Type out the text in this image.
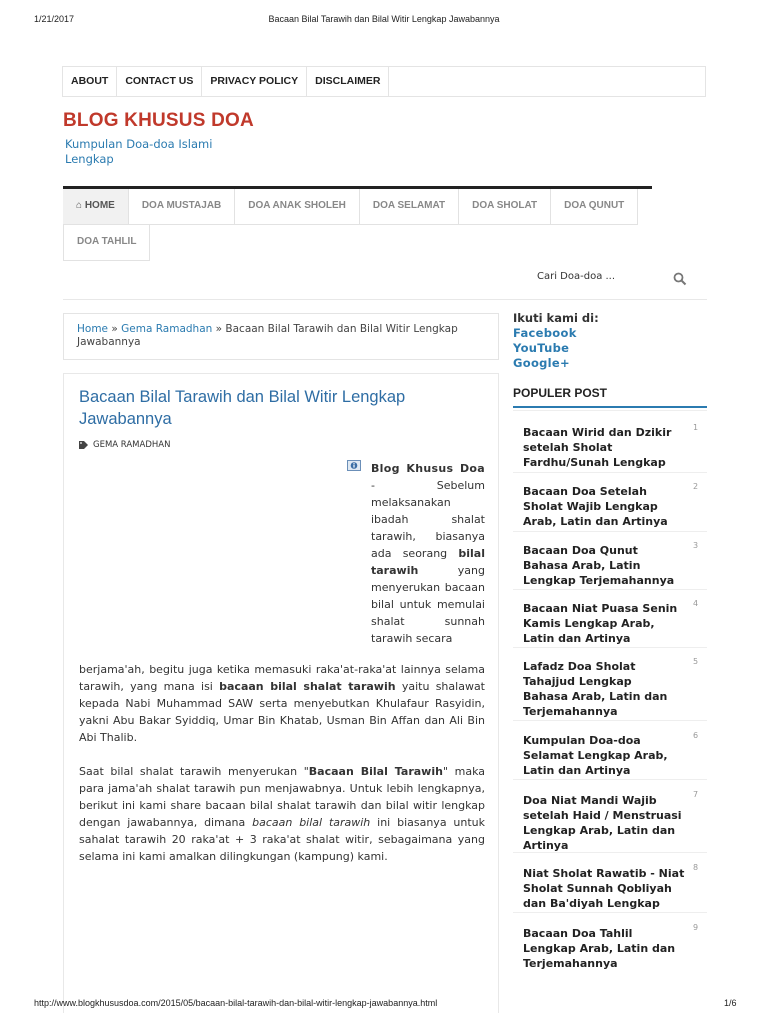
1/21/2017	Bacaan Bilal Tarawih dan Bilal Witir Lengkap Jawabannya
ABOUT	CONTACT US	PRIVACY POLICY	DISCLAIMER
BLOG KHUSUS DOA
Kumpulan Doa-doa Islami Lengkap
⌂ HOME	DOA MUSTAJAB	DOA ANAK SHOLEH	DOA SELAMAT	DOA SHOLAT	DOA QUNUT
DOA TAHLIL
Cari Doa-doa ...
Home » Gema Ramadhan » Bacaan Bilal Tarawih dan Bilal Witir Lengkap Jawabannya
Bacaan Bilal Tarawih dan Bilal Witir Lengkap Jawabannya
GEMA RAMADHAN
Blog Khusus Doa - Sebelum melaksanakan ibadah shalat tarawih, biasanya ada seorang bilal tarawih yang menyerukan bacaan bilal untuk memulai shalat sunnah tarawih secara
berjama'ah, begitu juga ketika memasuki raka'at-raka'at lainnya selama tarawih, yang mana isi bacaan bilal shalat tarawih yaitu shalawat kepada Nabi Muhammad SAW serta menyebutkan Khulafaur Rasyidin, yakni Abu Bakar Syiddiq, Umar Bin Khatab, Usman Bin Affan dan Ali Bin Abi Thalib.
Saat bilal shalat tarawih menyerukan "Bacaan Bilal Tarawih" maka para jama'ah shalat tarawih pun menjawabnya. Untuk lebih lengkapnya, berikut ini kami share bacaan bilal shalat tarawih dan bilal witir lengkap dengan jawabannya, dimana bacaan bilal tarawih ini biasanya untuk sahalat tarawih 20 raka'at + 3 raka'at shalat witir, sebagaimana yang selama ini kami amalkan dilingkungan (kampung) kami.
Ikuti kami di:
Facebook
YouTube
Google+
POPULER POST
Bacaan Wirid dan Dzikir
setelah Sholat
Fardhu/Sunah Lengkap
1
Bacaan Doa Setelah
Sholat Wajib Lengkap
Arab, Latin dan Artinya
2
Bacaan Doa Qunut
Bahasa Arab, Latin
Lengkap Terjemahannya
3
Bacaan Niat Puasa Senin
Kamis Lengkap Arab,
Latin dan Artinya
4
Lafadz Doa Sholat
Tahajjud Lengkap
Bahasa Arab, Latin dan
Terjemahannya
5
Kumpulan Doa-doa
Selamat Lengkap Arab,
Latin dan Artinya
6
Doa Niat Mandi Wajib
setelah Haid / Menstruasi
Lengkap Arab, Latin dan
Artinya
7
Niat Sholat Rawatib - Niat
Sholat Sunnah Qobliyah
dan Ba'diyah Lengkap
8
Bacaan Doa Tahlil
Lengkap Arab, Latin dan
Terjemahannya
9
http://www.blogkhususdoa.com/2015/05/bacaan-bilal-tarawih-dan-bilal-witir-lengkap-jawabannya.html	1/6
